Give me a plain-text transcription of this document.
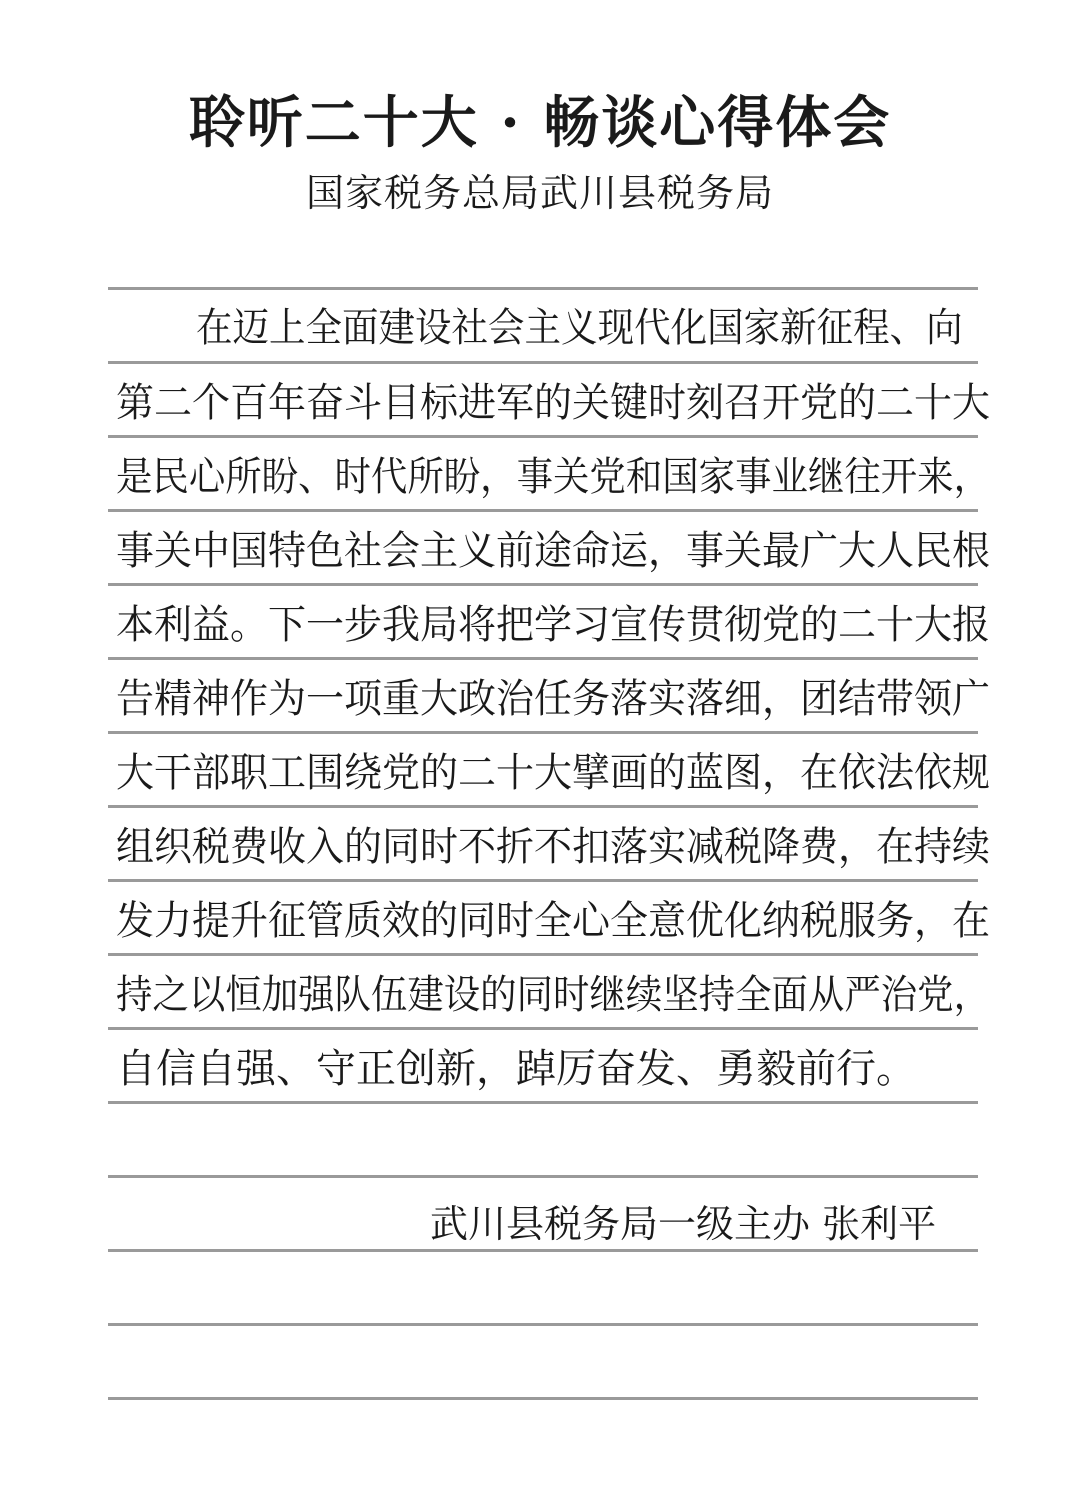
聆听二十大 · 畅谈心得体会
国家税务总局武川县税务局
在迈上全面建设社会主义现代化国家新征程、向
第二个百年奋斗目标进军的关键时刻召开党的二十大
是民心所盼、时代所盼，事关党和国家事业继往开来，
事关中国特色社会主义前途命运，事关最广大人民根
本利益。下一步我局将把学习宣传贯彻党的二十大报
告精神作为一项重大政治任务落实落细，团结带领广
大干部职工围绕党的二十大擘画的蓝图，在依法依规
组织税费收入的同时不折不扣落实减税降费，在持续
发力提升征管质效的同时全心全意优化纳税服务，在
持之以恒加强队伍建设的同时继续坚持全面从严治党，
自信自强、守正创新，踔厉奋发、勇毅前行。
武川县税务局一级主办 张利平
